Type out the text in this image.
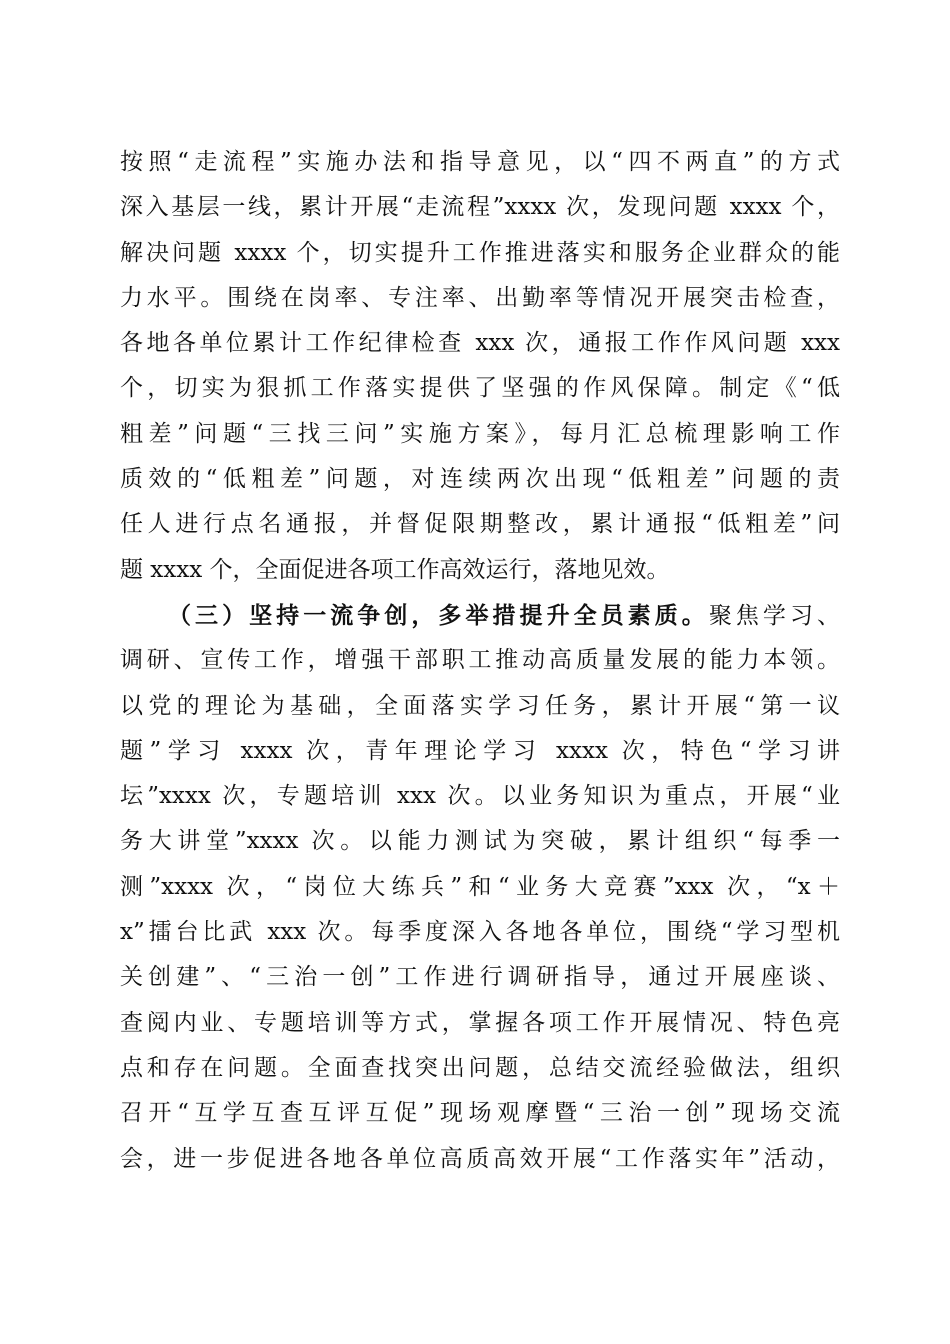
按照“走流程”实施办法和指导意见，以“四不两直”的方式
深入基层一线，累计开展“走流程”xxxx 次，发现问题 xxxx 个，
解决问题 xxxx 个，切实提升工作推进落实和服务企业群众的能
力水平。围绕在岗率、专注率、出勤率等情况开展突击检查，
各地各单位累计工作纪律检查 xxx 次，通报工作作风问题 xxx
个，切实为狠抓工作落实提供了坚强的作风保障。制定《“低
粗差”问题“三找三问”实施方案》，每月汇总梳理影响工作
质效的“低粗差”问题，对连续两次出现“低粗差”问题的责
任人进行点名通报，并督促限期整改，累计通报“低粗差”问
题 xxxx 个，全面促进各项工作高效运行，落地见效。
（三）坚持一流争创，多举措提升全员素质。聚焦学习、
调研、宣传工作，增强干部职工推动高质量发展的能力本领。
以党的理论为基础，全面落实学习任务，累计开展“第一议
题”学习 xxxx 次，青年理论学习 xxxx 次，特色“学习讲
坛”xxxx 次，专题培训 xxx 次。以业务知识为重点，开展“业
务大讲堂”xxxx 次。以能力测试为突破，累计组织“每季一
测”xxxx 次，“岗位大练兵”和“业务大竞赛”xxx 次，“x＋
x”擂台比武 xxx 次。每季度深入各地各单位，围绕“学习型机
关创建”、“三治一创”工作进行调研指导，通过开展座谈、
查阅内业、专题培训等方式，掌握各项工作开展情况、特色亮
点和存在问题。全面查找突出问题，总结交流经验做法，组织
召开“互学互查互评互促”现场观摩暨“三治一创”现场交流
会，进一步促进各地各单位高质高效开展“工作落实年”活动，
